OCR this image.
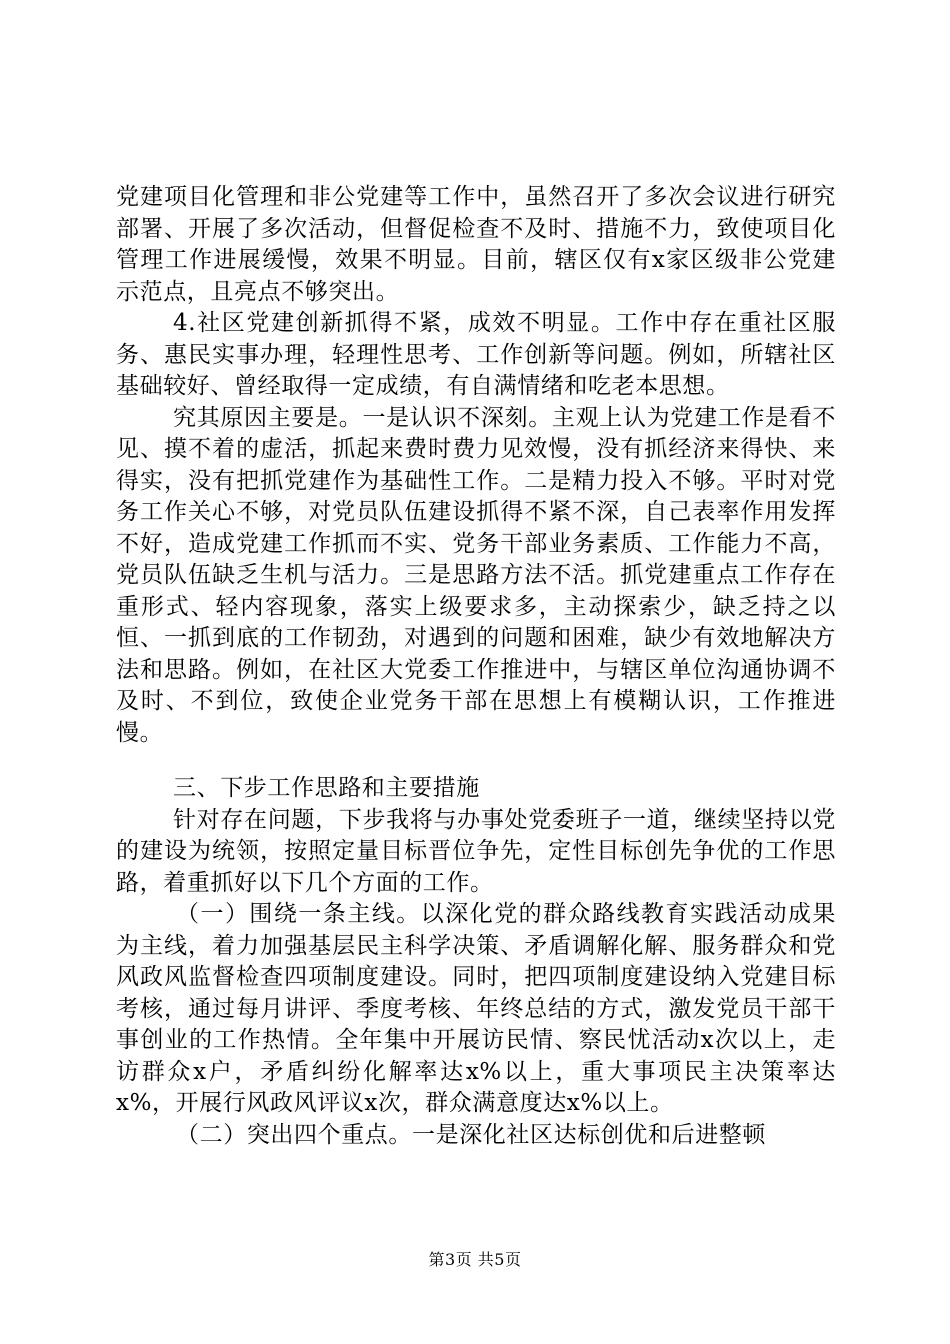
党建项目化管理和非公党建等工作中，虽然召开了多次会议进行研究部署、开展了多次活动，但督促检查不及时、措施不力，致使项目化管理工作进展缓慢，效果不明显。目前，辖区仅有x家区级非公党建示范点，且亮点不够突出。

4.社区党建创新抓得不紧，成效不明显。工作中存在重社区服务、惠民实事办理，轻理性思考、工作创新等问题。例如，所辖社区基础较好、曾经取得一定成绩，有自满情绪和吃老本思想。

究其原因主要是。一是认识不深刻。主观上认为党建工作是看不见、摸不着的虚活，抓起来费时费力见效慢，没有抓经济来得快、来得实，没有把抓党建作为基础性工作。二是精力投入不够。平时对党务工作关心不够，对党员队伍建设抓得不紧不深，自己表率作用发挥不好，造成党建工作抓而不实、党务干部业务素质、工作能力不高，党员队伍缺乏生机与活力。三是思路方法不活。抓党建重点工作存在重形式、轻内容现象，落实上级要求多，主动探索少，缺乏持之以恒、一抓到底的工作韧劲，对遇到的问题和困难，缺少有效地解决方法和思路。例如，在社区大党委工作推进中，与辖区单位沟通协调不及时、不到位，致使企业党务干部在思想上有模糊认识，工作推进慢。

三、下步工作思路和主要措施

针对存在问题，下步我将与办事处党委班子一道，继续坚持以党的建设为统领，按照定量目标晋位争先，定性目标创先争优的工作思路，着重抓好以下几个方面的工作。

（一）围绕一条主线。以深化党的群众路线教育实践活动成果为主线，着力加强基层民主科学决策、矛盾调解化解、服务群众和党风政风监督检查四项制度建设。同时，把四项制度建设纳入党建目标考核，通过每月讲评、季度考核、年终总结的方式，激发党员干部干事创业的工作热情。全年集中开展访民情、察民忧活动x次以上，走访群众x户，矛盾纠纷化解率达x%以上，重大事项民主决策率达x%，开展行风政风评议x次，群众满意度达x%以上。

（二）突出四个重点。一是深化社区达标创优和后进整顿

第3页 共5页
